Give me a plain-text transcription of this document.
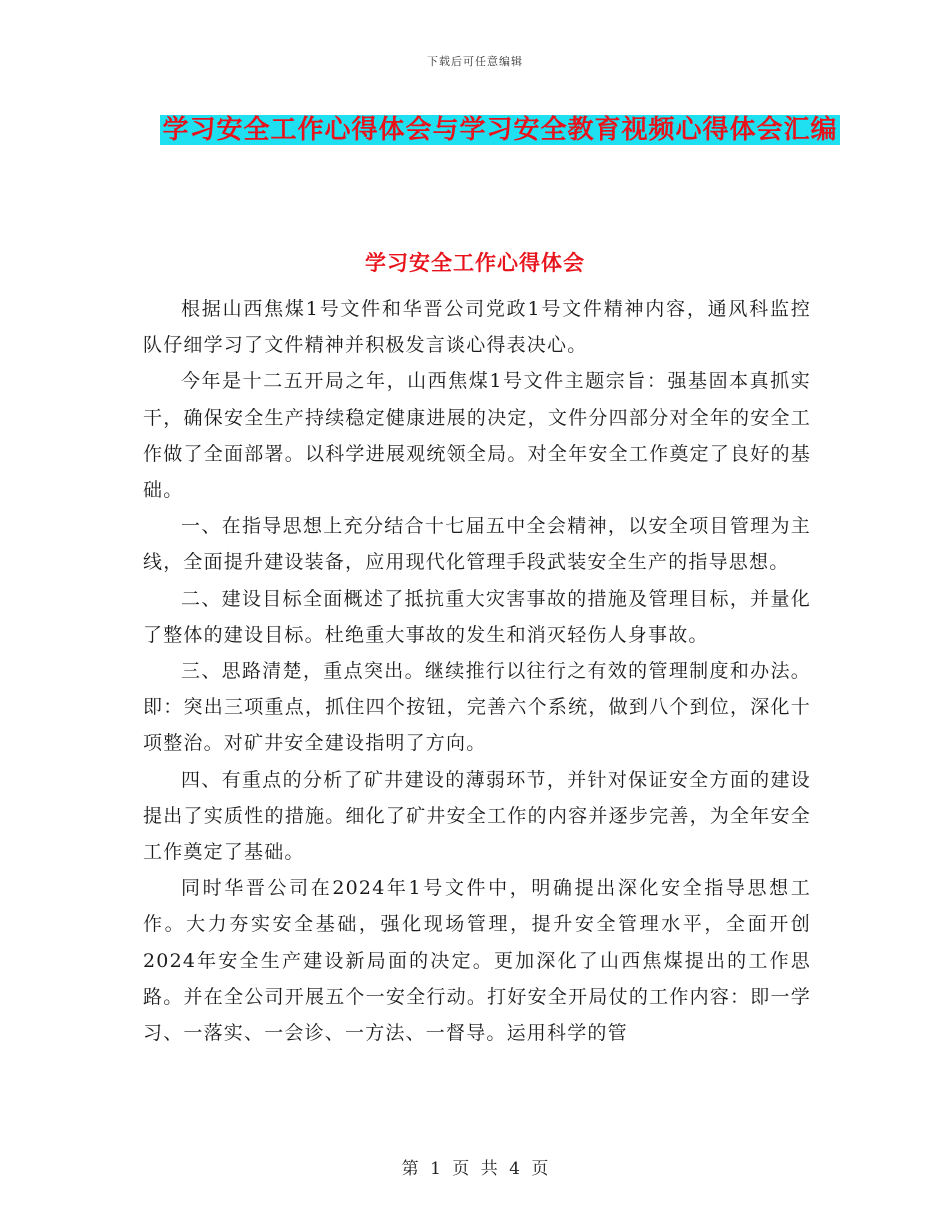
下载后可任意编辑
学习安全工作心得体会与学习安全教育视频心得体会汇编
学习安全工作心得体会

根据山西焦煤1号文件和华晋公司党政1号文件精神内容，通风科监控队仔细学习了文件精神并积极发言谈心得表决心。

今年是十二五开局之年，山西焦煤1号文件主题宗旨：强基固本真抓实干，确保安全生产持续稳定健康进展的决定，文件分四部分对全年的安全工作做了全面部署。以科学进展观统领全局。对全年安全工作奠定了良好的基础。

一、在指导思想上充分结合十七届五中全会精神，以安全项目管理为主线，全面提升建设装备，应用现代化管理手段武装安全生产的指导思想。

二、建设目标全面概述了抵抗重大灾害事故的措施及管理目标，并量化了整体的建设目标。杜绝重大事故的发生和消灭轻伤人身事故。

三、思路清楚，重点突出。继续推行以往行之有效的管理制度和办法。即：突出三项重点，抓住四个按钮，完善六个系统，做到八个到位，深化十项整治。对矿井安全建设指明了方向。

四、有重点的分析了矿井建设的薄弱环节，并针对保证安全方面的建设提出了实质性的措施。细化了矿井安全工作的内容并逐步完善，为全年安全工作奠定了基础。

同时华晋公司在2024年1号文件中，明确提出深化安全指导思想工作。大力夯实安全基础，强化现场管理，提升安全管理水平，全面开创2024年安全生产建设新局面的决定。更加深化了山西焦煤提出的工作思路。并在全公司开展五个一安全行动。打好安全开局仗的工作内容：即一学习、一落实、一会诊、一方法、一督导。运用科学的管

第 1 页 共 4 页
